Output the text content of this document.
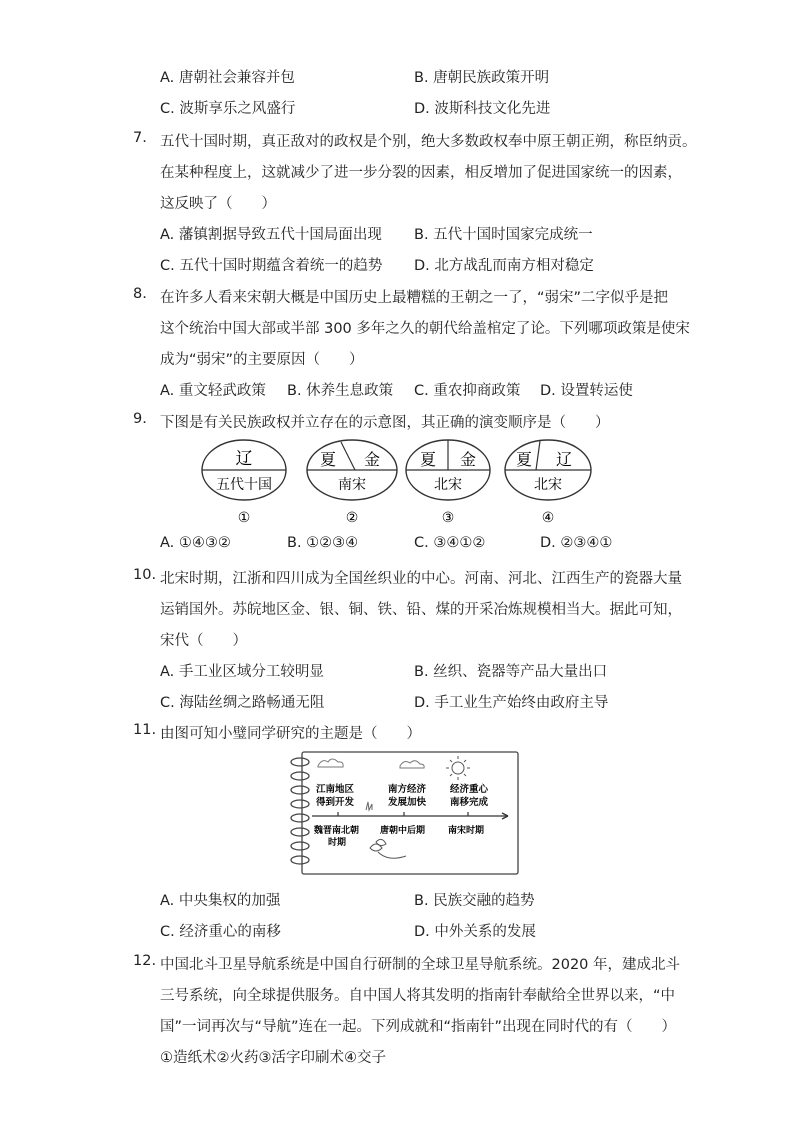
A. 唐朝社会兼容并包	B. 唐朝民族政策开明
C. 波斯享乐之风盛行	D. 波斯科技文化先进
7. 五代十国时期，真正敌对的政权是个别，绝大多数政权奉中原王朝正朔，称臣纳贡。
在某种程度上，这就减少了进一步分裂的因素，相反增加了促进国家统一的因素，
这反映了（　　）
A. 藩镇割据导致五代十国局面出现 B. 五代十国时国家完成统一
C. 五代十国时期蕴含着统一的趋势 D. 北方战乱而南方相对稳定
8. 在许多人看来宋朝大概是中国历史上最糟糕的王朝之一了，“弱宋”二字似乎是把
这个统治中国大部或半部 300 多年之久的朝代给盖棺定了论。下列哪项政策是使宋
成为“弱宋”的主要原因（　　）
A. 重文轻武政策 B. 休养生息政策 C. 重农抑商政策 D. 设置转运使
9. 下图是有关民族政权并立存在的示意图，其正确的演变顺序是（　　）
辽
五代十国
①
夏 金
南宋
②
夏 金
北宋
③
夏 辽
北宋
④
A. ①④③②	B. ①②③④	C. ③④①②	D. ②③④①
10. 北宋时期，江浙和四川成为全国丝织业的中心。河南、河北、江西生产的瓷器大量
运销国外。苏皖地区金、银、铜、铁、铅、煤的开采冶炼规模相当大。据此可知，
宋代（　　）
A. 手工业区域分工较明显	B. 丝织、瓷器等产品大量出口
C. 海陆丝绸之路畅通无阻	D. 手工业生产始终由政府主导
11. 由图可知小璧同学研究的主题是（　　）
江南地区
得到开发
南方经济
发展加快
经济重心
南移完成
魏晋南北朝
时期
唐朝中后期	南宋时期
A. 中央集权的加强	B. 民族交融的趋势
C. 经济重心的南移	D. 中外关系的发展
12. 中国北斗卫星导航系统是中国自行研制的全球卫星导航系统。2020 年，建成北斗
三号系统，向全球提供服务。自中国人将其发明的指南针奉献给全世界以来，“中
国”一词再次与“导航”连在一起。下列成就和“指南针”出现在同时代的有（　　）
①造纸术②火药③活字印刷术④交子
